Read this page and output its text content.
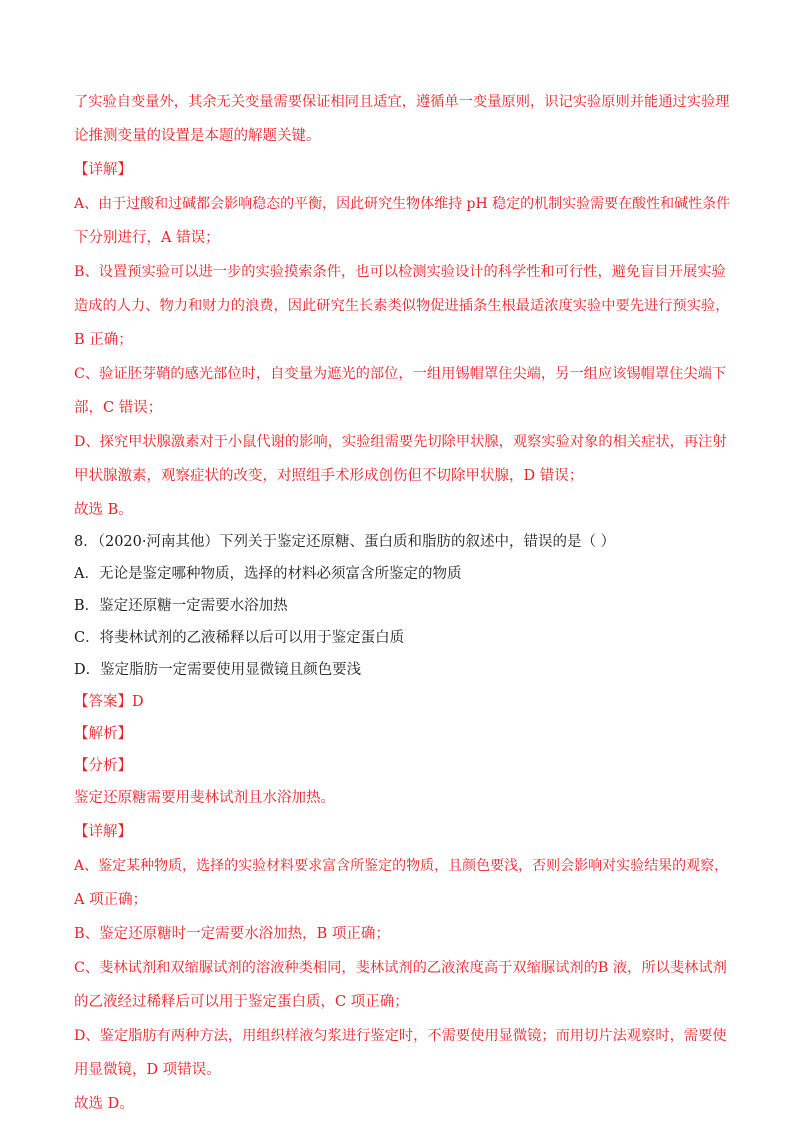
了实验自变量外，其余无关变量需要保证相同且适宜，遵循单一变量原则，识记实验原则并能通过实验理
论推测变量的设置是本题的解题关键。
【详解】
A、由于过酸和过碱都会影响稳态的平衡，因此研究生物体维持 pH 稳定的机制实验需要在酸性和碱性条件
下分别进行，A 错误；
B、设置预实验可以进一步的实验摸索条件，也可以检测实验设计的科学性和可行性，避免盲目开展实验
造成的人力、物力和财力的浪费，因此研究生长素类似物促进插条生根最适浓度实验中要先进行预实验，
B 正确；
C、验证胚芽鞘的感光部位时，自变量为遮光的部位，一组用锡帽罩住尖端，另一组应该锡帽罩住尖端下
部，C 错误；
D、探究甲状腺激素对于小鼠代谢的影响，实验组需要先切除甲状腺，观察实验对象的相关症状，再注射
甲状腺激素，观察症状的改变，对照组手术形成创伤但不切除甲状腺，D 错误；
故选 B。
8．（2020·河南其他）下列关于鉴定还原糖、蛋白质和脂肪的叙述中，错误的是（ ）
A．无论是鉴定哪种物质，选择的材料必须富含所鉴定的物质
B．鉴定还原糖一定需要水浴加热
C．将斐林试剂的乙液稀释以后可以用于鉴定蛋白质
D．鉴定脂肪一定需要使用显微镜且颜色要浅
【答案】D
【解析】
【分析】
鉴定还原糖需要用斐林试剂且水浴加热。
【详解】
A、鉴定某种物质，选择的实验材料要求富含所鉴定的物质，且颜色要浅，否则会影响对实验结果的观察，
A 项正确；
B、鉴定还原糖时一定需要水浴加热，B 项正确；
C、斐林试剂和双缩脲试剂的溶液种类相同，斐林试剂的乙液浓度高于双缩脲试剂的B 液，所以斐林试剂
的乙液经过稀释后可以用于鉴定蛋白质，C 项正确；
D、鉴定脂肪有两种方法，用组织样液匀浆进行鉴定时，不需要使用显微镜；而用切片法观察时，需要使
用显微镜，D 项错误。
故选 D。
